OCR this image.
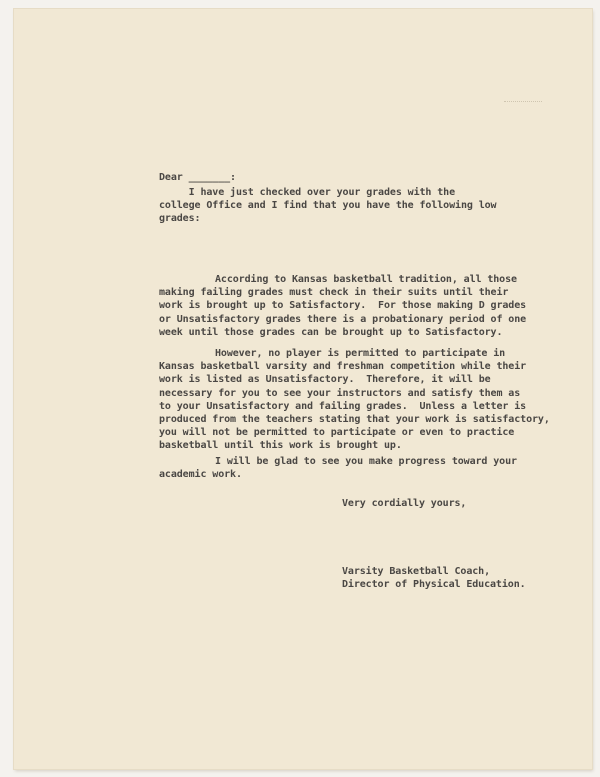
Dear _______:
I have just checked over your grades with the
college Office and I find that you have the following low
grades:
According to Kansas basketball tradition, all those
making failing grades must check in their suits until their
work is brought up to Satisfactory.  For those making D grades
or Unsatisfactory grades there is a probationary period of one
week until those grades can be brought up to Satisfactory.
However, no player is permitted to participate in
Kansas basketball varsity and freshman competition while their
work is listed as Unsatisfactory.  Therefore, it will be
necessary for you to see your instructors and satisfy them as
to your Unsatisfactory and failing grades.  Unless a letter is
produced from the teachers stating that your work is satisfactory,
you will not be permitted to participate or even to practice
basketball until this work is brought up.
I will be glad to see you make progress toward your
academic work.
Very cordially yours,
Varsity Basketball Coach,
Director of Physical Education.
